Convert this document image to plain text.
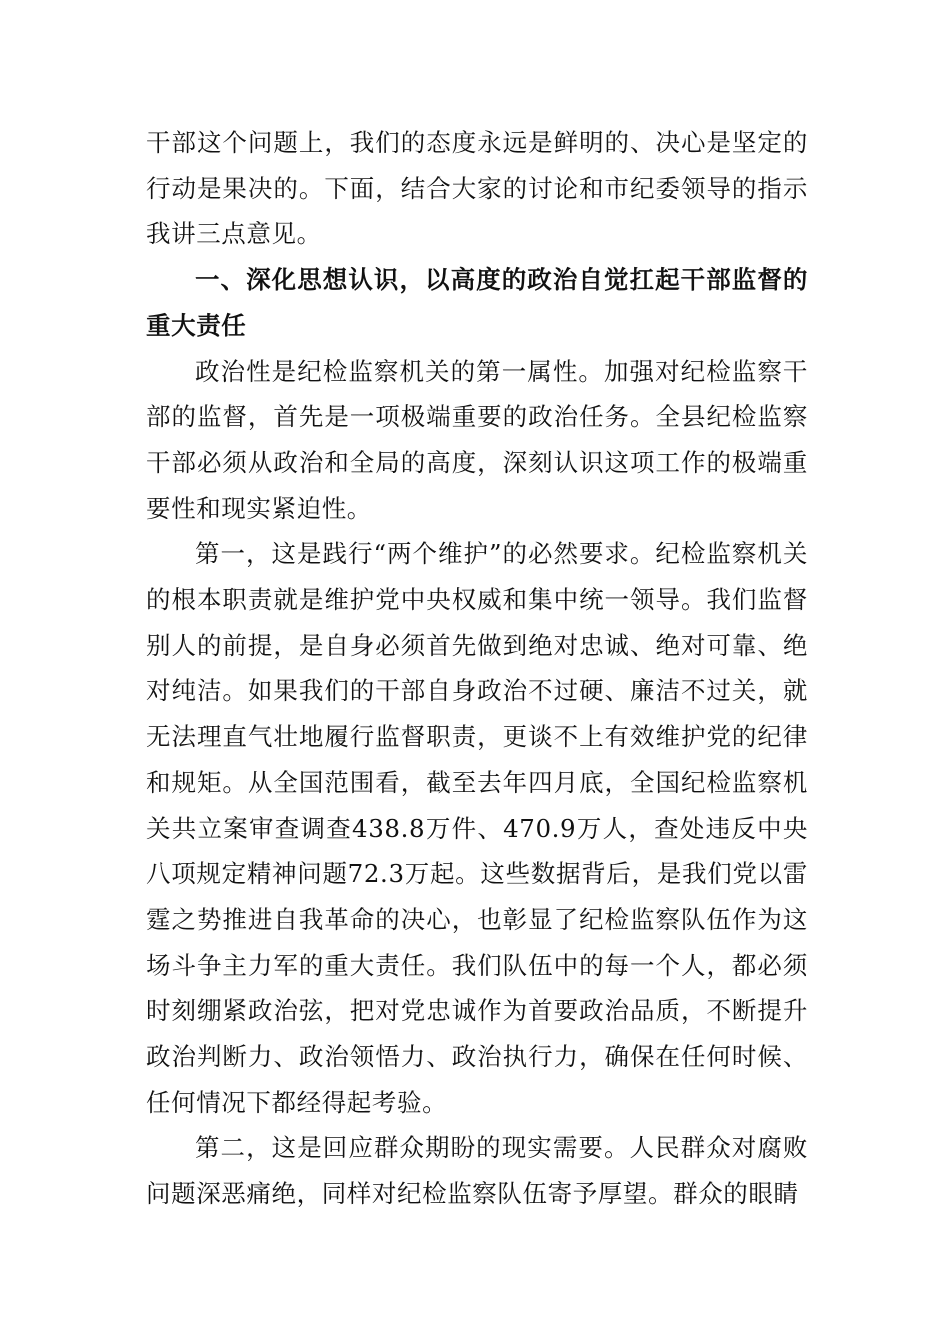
干部这个问题上，我们的态度永远是鲜明的、决心是坚定的行动是果决的。下面，结合大家的讨论和市纪委领导的指示我讲三点意见。

一、深化思想认识，以高度的政治自觉扛起干部监督的重大责任

政治性是纪检监察机关的第一属性。加强对纪检监察干部的监督，首先是一项极端重要的政治任务。全县纪检监察干部必须从政治和全局的高度，深刻认识这项工作的极端重要性和现实紧迫性。

第一，这是践行“两个维护”的必然要求。纪检监察机关的根本职责就是维护党中央权威和集中统一领导。我们监督别人的前提，是自身必须首先做到绝对忠诚、绝对可靠、绝对纯洁。如果我们的干部自身政治不过硬、廉洁不过关，就无法理直气壮地履行监督职责，更谈不上有效维护党的纪律和规矩。从全国范围看，截至去年四月底，全国纪检监察机关共立案审查调查438.8万件、470.9万人，查处违反中央八项规定精神问题72.3万起。这些数据背后，是我们党以雷霆之势推进自我革命的决心，也彰显了纪检监察队伍作为这场斗争主力军的重大责任。我们队伍中的每一个人，都必须时刻绷紧政治弦，把对党忠诚作为首要政治品质，不断提升政治判断力、政治领悟力、政治执行力，确保在任何时候、任何情况下都经得起考验。

第二，这是回应群众期盼的现实需要。人民群众对腐败问题深恶痛绝，同样对纪检监察队伍寄予厚望。群众的眼睛
